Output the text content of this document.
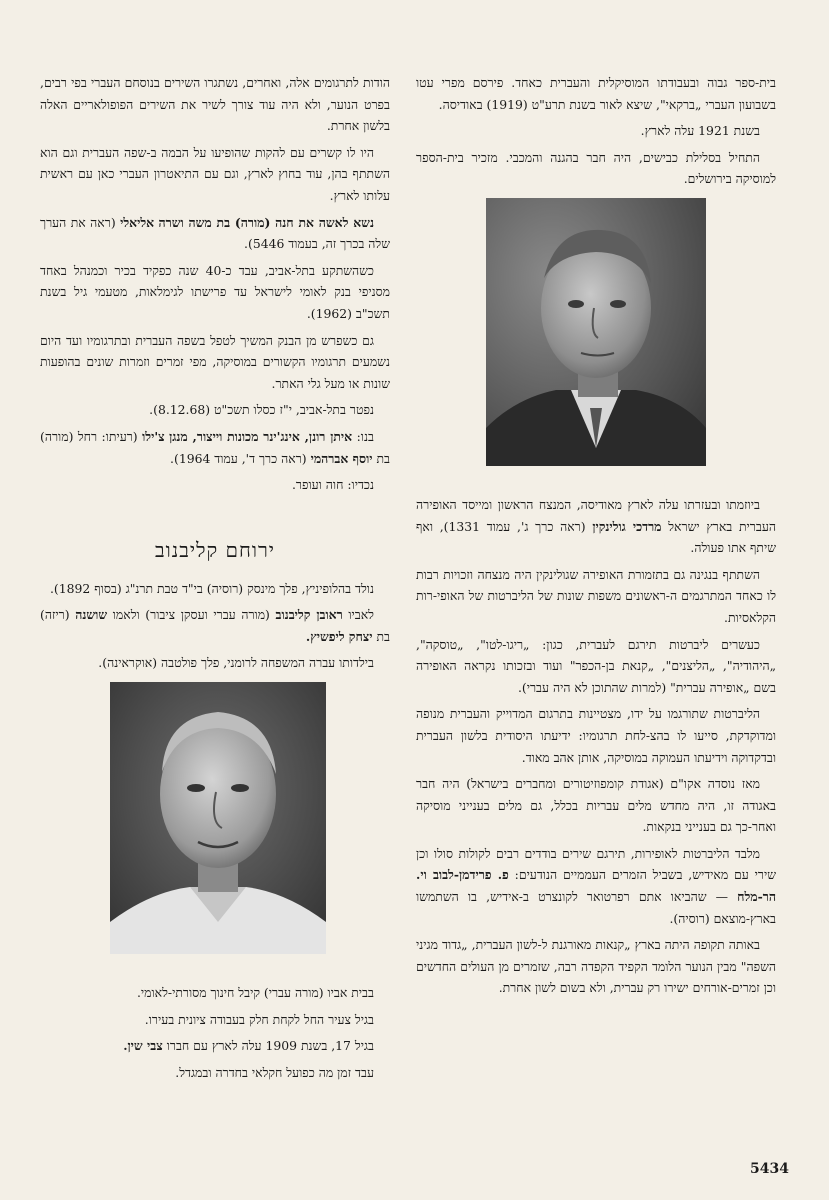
בית-ספר גבוה ובעבודתו המוסיקלית והעברית כאחד. פירסם מפרי עטו בשבועון העברי „ברקאי", שיצא לאור בשנת תרע"ט (1919) באודיסה.

בשנת 1921 עלה לארץ.

התחיל בסלילת כבישים, היה חבר בהגנה והמכבי. מזכיר בית-הספר למוסיקה בירושלים.

ביוזמתו ובעזרתו עלה לארץ מאודיסה, המנצח הראשון ומייסד האופירה העברית בארץ ישראל מרדכי גולינקין (ראה כרך ג', עמוד 1331), ואף שיתף אתו פעולה.

השתתף בנגינה גם בתזמורת האופירה שגולינקין היה מנצחה וזכויות רבות לו כאחד המתרגמים ה-ראשונים משפות שונות של הליברטות של האופי-רות הקלאסיות.

כעשרים ליברטות תירגם לעברית, כגון: „ריגו-לטו", „טוסקה", „היהודיה", „הליצנים", „קנאת בן-הכפר" ועוד ובזכותו נקראה האופירה בשם „אופירה עברית" (למרות שהתוכן לא היה עברי).

הליברטות שתורגמו על ידו, מצטיינות בתרגום המדוייק והעברית מנופה ומדוקדקת, סייעו לו בהצ-לחת תרגומיו: ידיעתו היסודית בלשון העברית ובדקדוקה וידיעתו העמוקה במוסיקה, אותן אהב מאוד.

מאז נוסדה אקו"ם (אגודת קומפוזיטורים ומחברים בישראל) היה חבר באגודה זו, היה מחדש מלים עבריות בכלל, גם מלים בענייני מוסיקה ואחר-כך גם בענייני בנקאות.

מלבד הליברטות לאופירות, תירגם שירים בודדים רבים לקולות סולו וכן שירי עם מאידיש, בשביל הזמרים העממיים הנודעים: פ. פרידמן-לבוב וי. הר-מלח — שהביאו אתם רפרטואר לקונצרט ב-אידיש, בו השתמשו בארץ-מוצאם (רוסיה).

באותה תקופה היתה בארץ „קנאות מאורגנת ל-לשון העברית, „גדוד מגיני השפה" מבין הנוער הלומד הקפיד הקפדה רבה, שזמרים מן העולים החדשים וכן זמרים-אורחים ישירו רק עברית, ולא בשום לשון אחרת.

הודות לתרגומים אלה, ואחרים, נשתגרו השירים בנוסחם העברי בפי רבים, בפרט הנוער, ולא היה עוד צורך לשיר את השירים הפופולאריים האלה בלשון אחרת.

היו לו קשרים עם להקות שהופיעו על הבמה ב-שפה העברית וגם הוא השתתף בהן, עוד בחוץ לארץ, וגם עם התיאטרון העברי כאן עם ראשית עלותו לארץ.

נשא לאשה את חנה (מורה) בת משה ושרה אליאלי (ראה את הערך שלה בכרך זה, בעמוד 5446).

כשהשתקע בתל-אביב, עבד כ-40 שנה כפקיד בכיר וכמנהל באחד מסניפי בנק לאומי לישראל עד פרישתו לגימלאות, מטעמי גיל בשנת תשכ"ב (1962).

גם כשפרש מן הבנק המשיך לטפל בשפה העברית ובתרגומיו ועד היום נשמעים תרגומיו הקשורים במוסיקה, מפי זמרים וזמרות שונים בהופעות שונות או מעל גלי האתר.

נפטר בתל-אביב, י"ז כסלו תשכ"ט (8.12.68).

בנו: איתן רונן, אינג'ינר מכונות וייצור, מנגן צ'ילו (רעיתו: רחל (מורה) בת יוסף אברהמי (ראה כרך ד', עמוד 1964).

נכדיו: חוה ועופר.

ירוחם קליבנוב

נולד בהלופיניץ, פלך מינסק (רוסיה) בי"ד טבת תרנ"ג (בסוף 1892).

לאביו ראובן קליבנוב (מורה עברי ועסקן ציבור) ולאמו שושנה (ריזה) בת יצחק ליפשיץ.

בילדותו עברה המשפחה לרומני, פלך פולטבה (אוקראינה).

בבית אביו (מורה עברי) קיבל חינוך מסורתי-לאומי.

בגיל צעיר החל לקחת חלק בעבודה ציונית בעירו.

בגיל 17, בשנת 1909 עלה לארץ עם חברו צבי שין.

עבד זמן מה כפועל חקלאי בחדרה ובמגדל.

5434
